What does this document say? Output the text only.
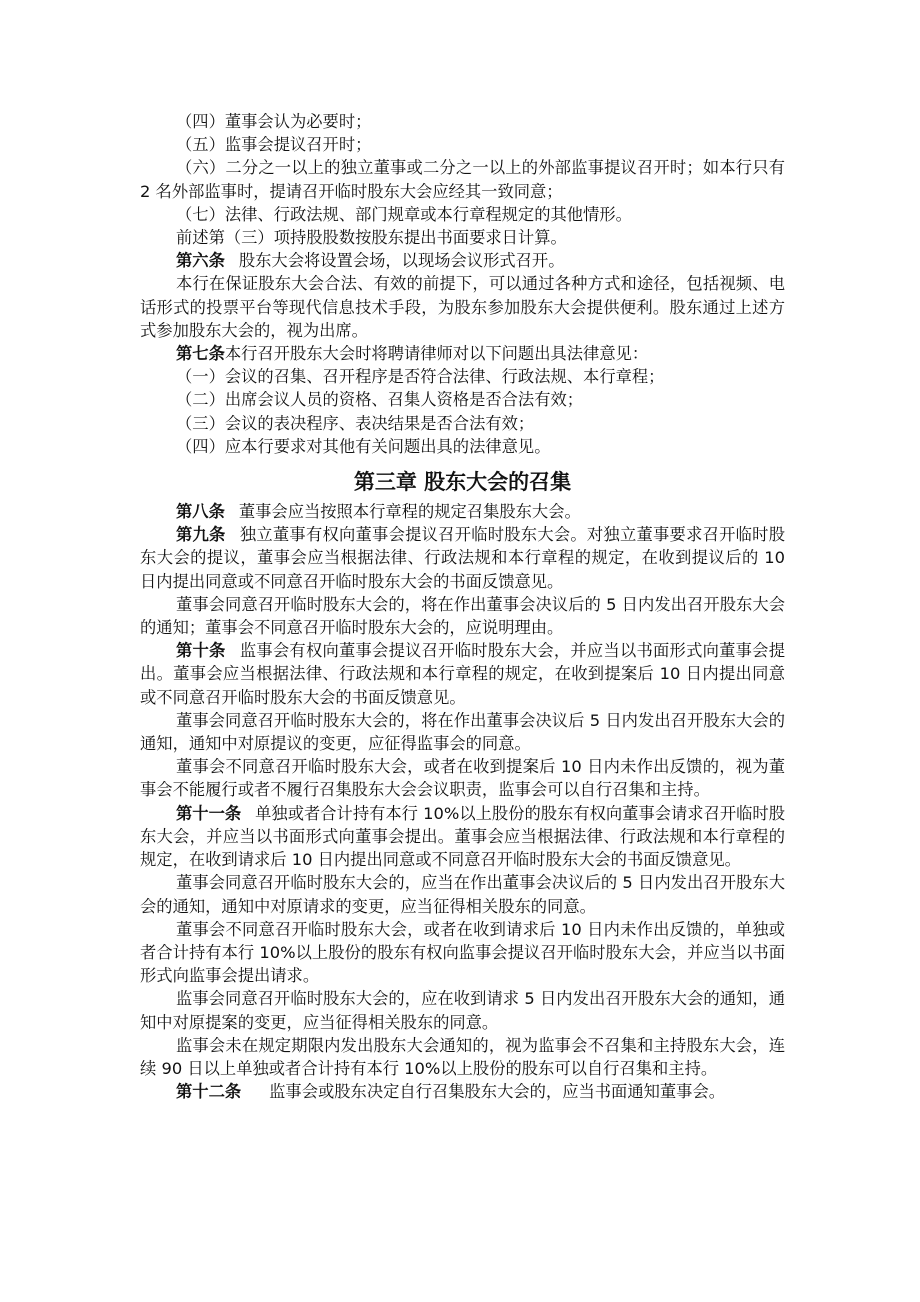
（四）董事会认为必要时；

（五）监事会提议召开时；

（六）二分之一以上的独立董事或二分之一以上的外部监事提议召开时；如本行只有 2 名外部监事时，提请召开临时股东大会应经其一致同意；

（七）法律、行政法规、部门规章或本行章程规定的其他情形。

前述第（三）项持股股数按股东提出书面要求日计算。

第六条 股东大会将设置会场，以现场会议形式召开。

本行在保证股东大会合法、有效的前提下，可以通过各种方式和途径，包括视频、电话形式的投票平台等现代信息技术手段，为股东参加股东大会提供便利。股东通过上述方式参加股东大会的，视为出席。

第七条本行召开股东大会时将聘请律师对以下问题出具法律意见：

（一）会议的召集、召开程序是否符合法律、行政法规、本行章程；

（二）出席会议人员的资格、召集人资格是否合法有效；

（三）会议的表决程序、表决结果是否合法有效；

（四）应本行要求对其他有关问题出具的法律意见。

第三章 股东大会的召集

第八条 董事会应当按照本行章程的规定召集股东大会。

第九条 独立董事有权向董事会提议召开临时股东大会。对独立董事要求召开临时股东大会的提议，董事会应当根据法律、行政法规和本行章程的规定，在收到提议后的 10 日内提出同意或不同意召开临时股东大会的书面反馈意见。

董事会同意召开临时股东大会的，将在作出董事会决议后的 5 日内发出召开股东大会的通知；董事会不同意召开临时股东大会的，应说明理由。

第十条 监事会有权向董事会提议召开临时股东大会，并应当以书面形式向董事会提出。董事会应当根据法律、行政法规和本行章程的规定，在收到提案后 10 日内提出同意或不同意召开临时股东大会的书面反馈意见。

董事会同意召开临时股东大会的，将在作出董事会决议后 5 日内发出召开股东大会的通知，通知中对原提议的变更，应征得监事会的同意。

董事会不同意召开临时股东大会，或者在收到提案后 10 日内未作出反馈的，视为董事会不能履行或者不履行召集股东大会会议职责，监事会可以自行召集和主持。

第十一条 单独或者合计持有本行 10%以上股份的股东有权向董事会请求召开临时股东大会，并应当以书面形式向董事会提出。董事会应当根据法律、行政法规和本行章程的规定，在收到请求后 10 日内提出同意或不同意召开临时股东大会的书面反馈意见。

董事会同意召开临时股东大会的，应当在作出董事会决议后的 5 日内发出召开股东大会的通知，通知中对原请求的变更，应当征得相关股东的同意。

董事会不同意召开临时股东大会，或者在收到请求后 10 日内未作出反馈的，单独或者合计持有本行 10%以上股份的股东有权向监事会提议召开临时股东大会，并应当以书面形式向监事会提出请求。

监事会同意召开临时股东大会的，应在收到请求 5 日内发出召开股东大会的通知，通知中对原提案的变更，应当征得相关股东的同意。

监事会未在规定期限内发出股东大会通知的，视为监事会不召集和主持股东大会，连续 90 日以上单独或者合计持有本行 10%以上股份的股东可以自行召集和主持。

第十二条 监事会或股东决定自行召集股东大会的，应当书面通知董事会。
